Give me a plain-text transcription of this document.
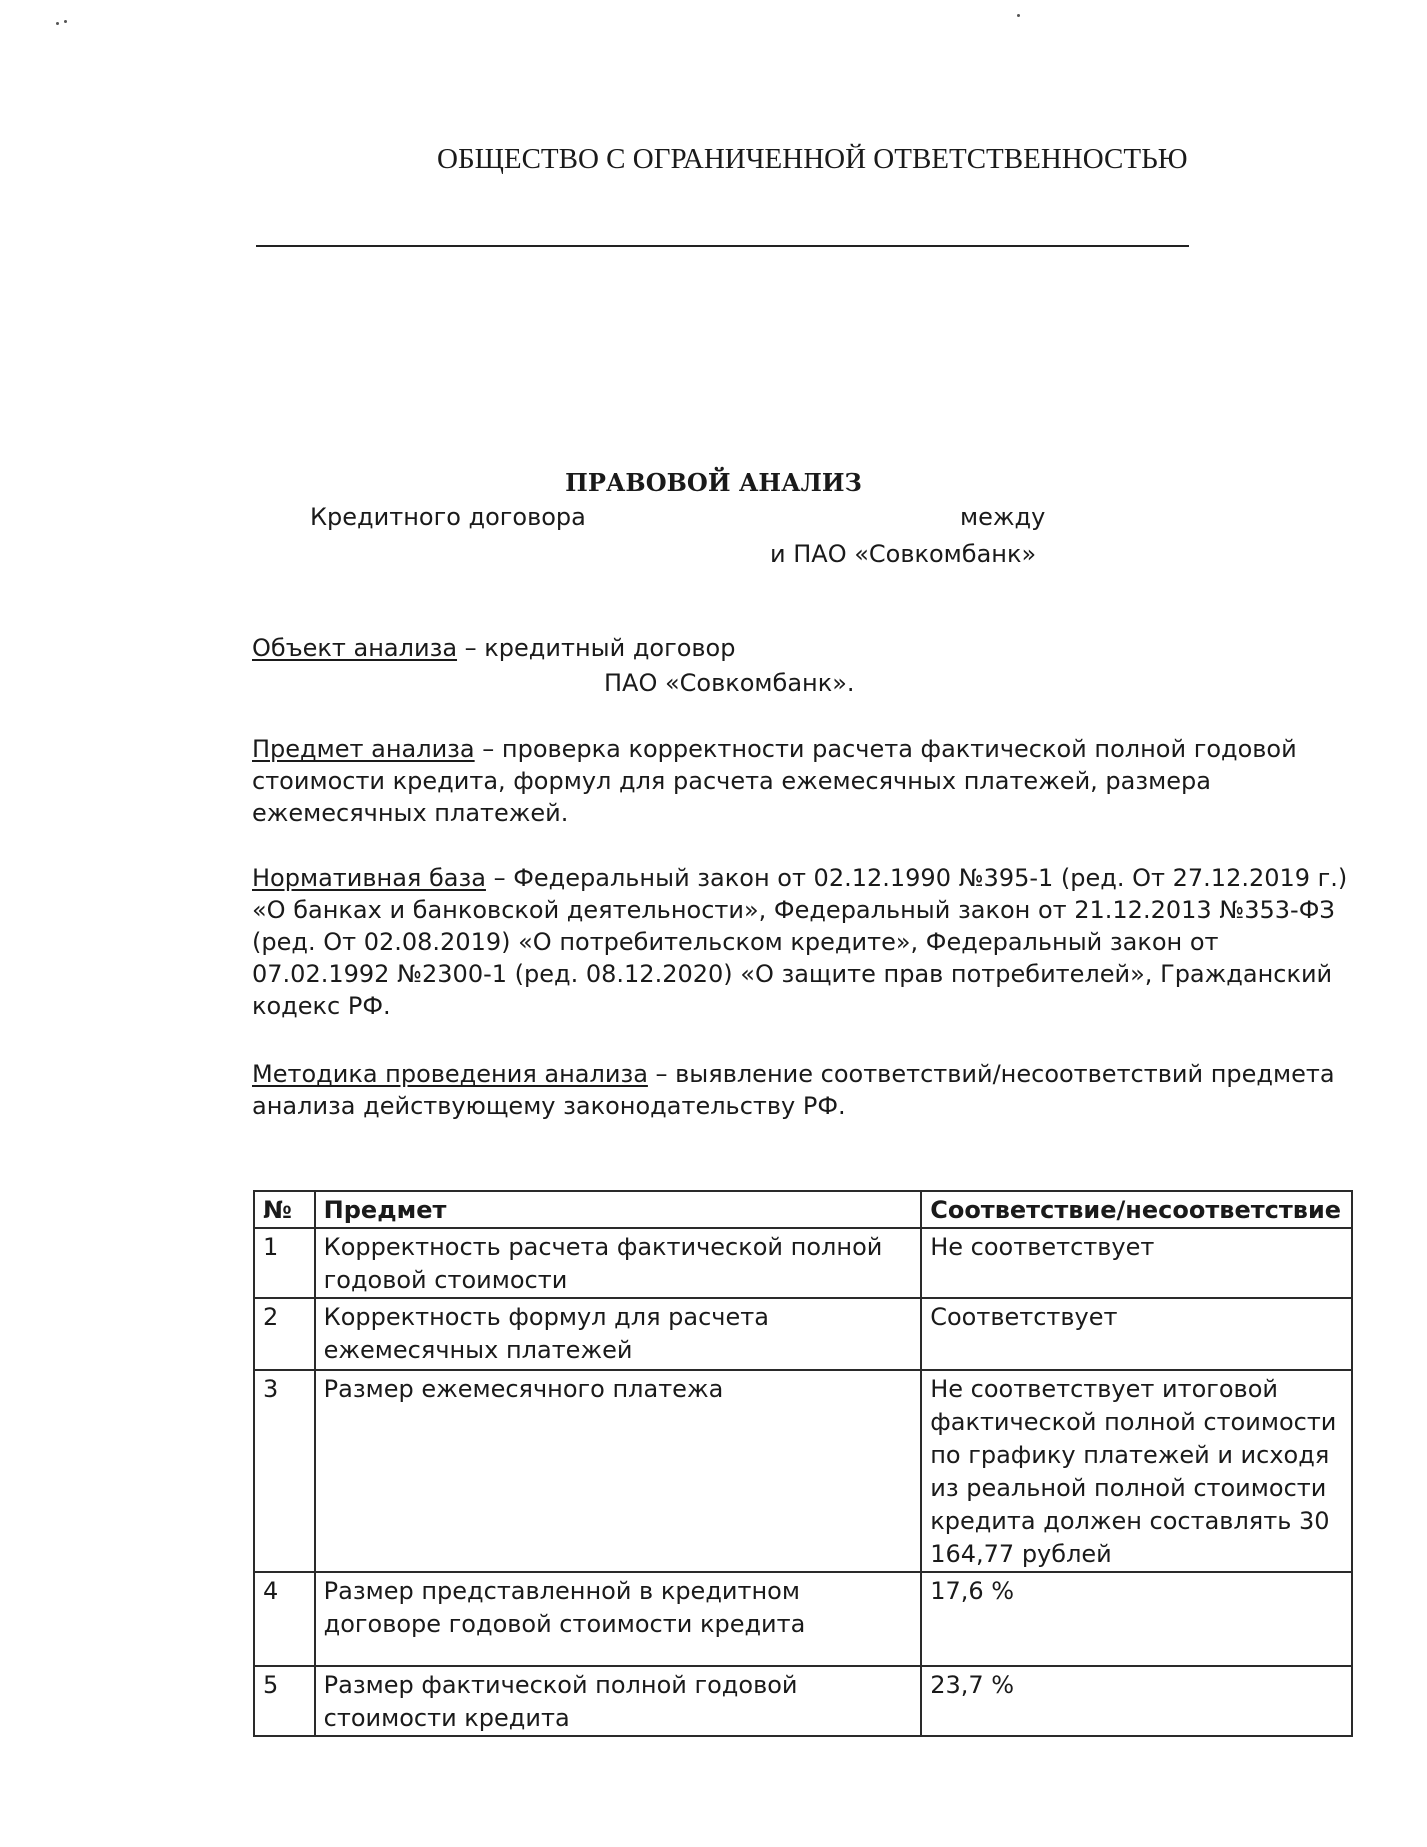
ОБЩЕСТВО С ОГРАНИЧЕННОЙ ОТВЕТСТВЕННОСТЬЮ
ПРАВОВОЙ АНАЛИЗ
Кредитного договора	между
и ПАО «Совкомбанк»
Объект анализа – кредитный договор
ПАО «Совкомбанк».
Предмет анализа – проверка корректности расчета фактической полной годовой стоимости кредита, формул для расчета ежемесячных платежей, размера ежемесячных платежей.
Нормативная база – Федеральный закон от 02.12.1990 №395-1 (ред. От 27.12.2019 г.) «О банках и банковской деятельности», Федеральный закон от 21.12.2013 №353-ФЗ (ред. От 02.08.2019) «О потребительском кредите», Федеральный закон от 07.02.1992 №2300-1 (ред. 08.12.2020) «О защите прав потребителей», Гражданский кодекс РФ.
Методика проведения анализа – выявление соответствий/несоответствий предмета анализа действующему законодательству РФ.
№	Предмет	Соответствие/несоответствие
1	Корректность расчета фактической полной годовой стоимости	Не соответствует
2	Корректность формул для расчета ежемесячных платежей	Соответствует
3	Размер ежемесячного платежа	Не соответствует итоговой фактической полной стоимости по графику платежей и исходя из реальной полной стоимости кредита должен составлять 30 164,77 рублей
4	Размер представленной в кредитном договоре годовой стоимости кредита	17,6 %
5	Размер фактической полной годовой стоимости кредита	23,7 %
